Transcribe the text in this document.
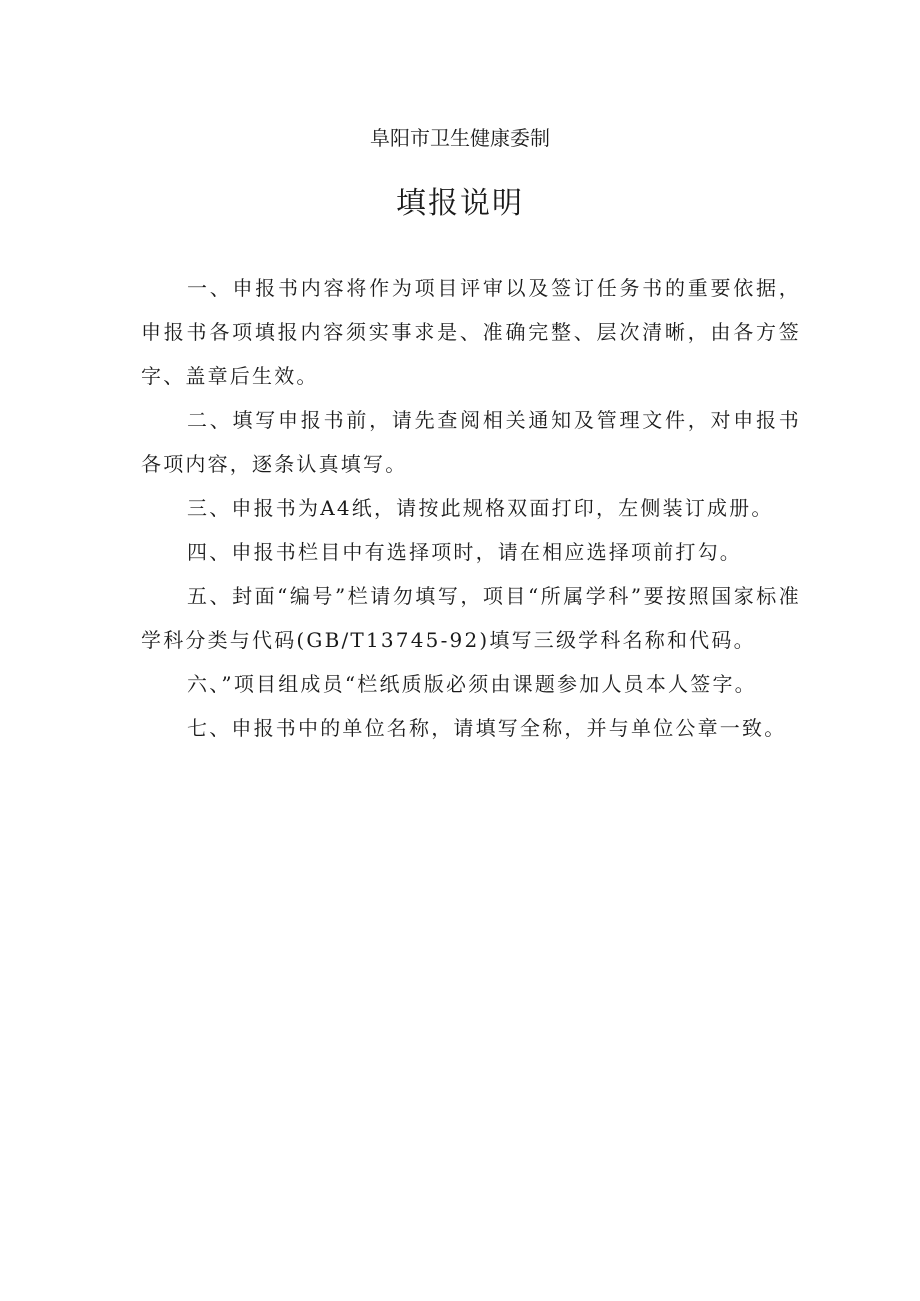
阜阳市卫生健康委制
填报说明

一、申报书内容将作为项目评审以及签订任务书的重要依据，申报书各项填报内容须实事求是、准确完整、层次清晰，由各方签字、盖章后生效。

二、填写申报书前，请先查阅相关通知及管理文件，对申报书各项内容，逐条认真填写。

三、申报书为A4纸，请按此规格双面打印，左侧装订成册。

四、申报书栏目中有选择项时，请在相应选择项前打勾。

五、封面“编号”栏请勿填写，项目“所属学科”要按照国家标准学科分类与代码(GB/T13745-92)填写三级学科名称和代码。

六、”项目组成员“栏纸质版必须由课题参加人员本人签字。

七、申报书中的单位名称，请填写全称，并与单位公章一致。
